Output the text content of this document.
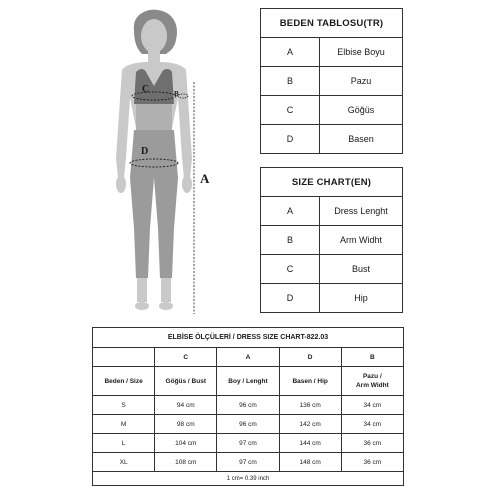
A
B
C
D
BEDEN TABLOSU(TR)	
A	Elbise Boyu
B	Pazu
C	Göğüs
D	Basen
SIZE CHART(EN)	
A	Dress Lenght
B	Arm Widht
C	Bust
D	Hip
ELBİSE ÖLÇÜLERİ / DRESS SIZE CHART-822.03				
	C	A	D	B
Beden / Size	Göğüs / Bust	Boy / Lenght	Basen / Hip	Pazu /
Arm Widht
S	94 cm	96 cm	136 cm	34 cm
M	98 cm	96 cm	142 cm	34 cm
L	104 cm	97 cm	144 cm	36 cm
XL	108 cm	97 cm	148 cm	36 cm
1 cm= 0.39 inch				
